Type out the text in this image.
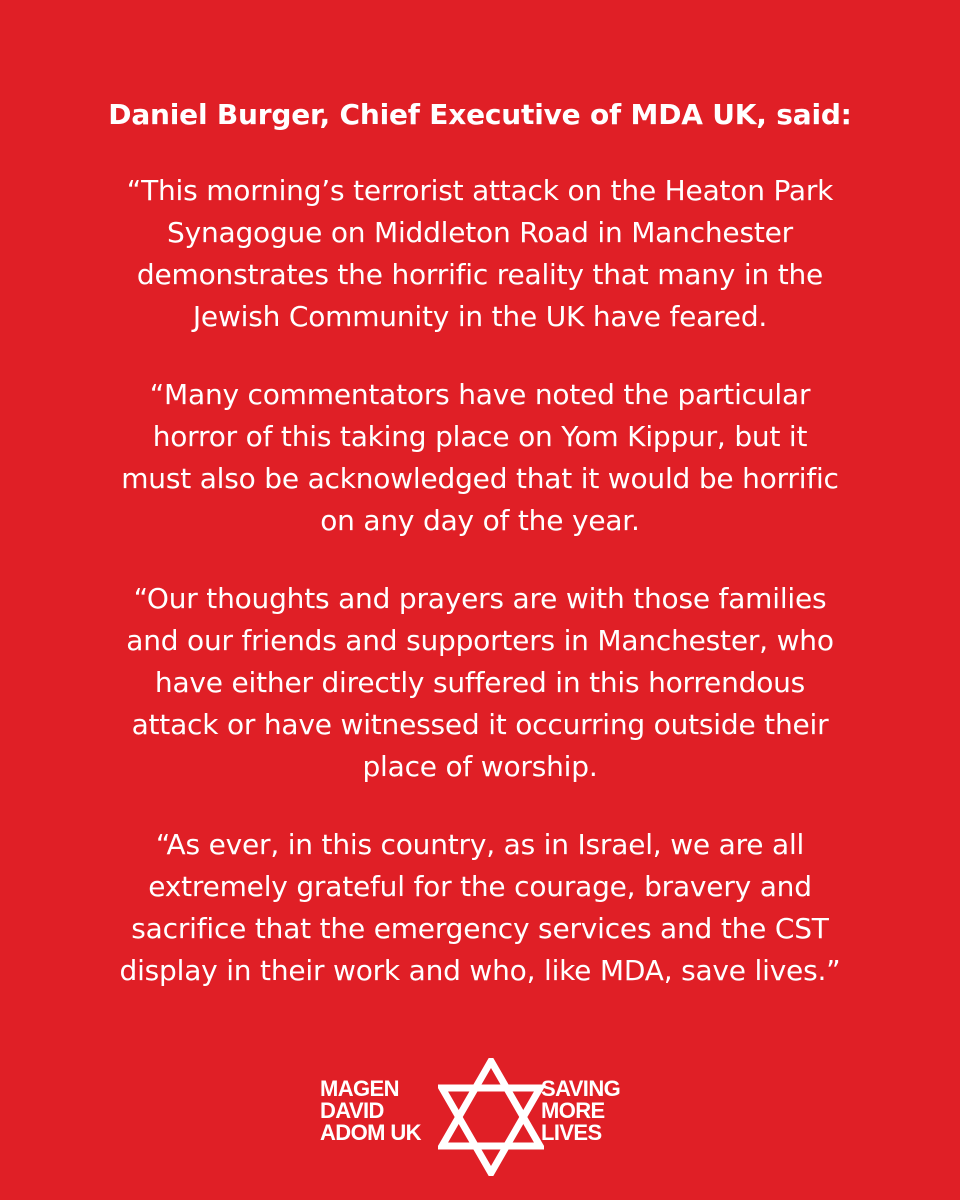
Daniel Burger, Chief Executive of MDA UK, said:

“This morning’s terrorist attack on the Heaton Park
Synagogue on Middleton Road in Manchester
demonstrates the horrific reality that many in the
Jewish Community in the UK have feared.

“Many commentators have noted the particular
horror of this taking place on Yom Kippur, but it
must also be acknowledged that it would be horrific
on any day of the year.

“Our thoughts and prayers are with those families
and our friends and supporters in Manchester, who
have either directly suffered in this horrendous
attack or have witnessed it occurring outside their
place of worship.

“As ever, in this country, as in Israel, we are all
extremely grateful for the courage, bravery and
sacrifice that the emergency services and the CST
display in their work and who, like MDA, save lives.”

MAGEN
DAVID
ADOM UK
SAVING
MORE
LIVES
